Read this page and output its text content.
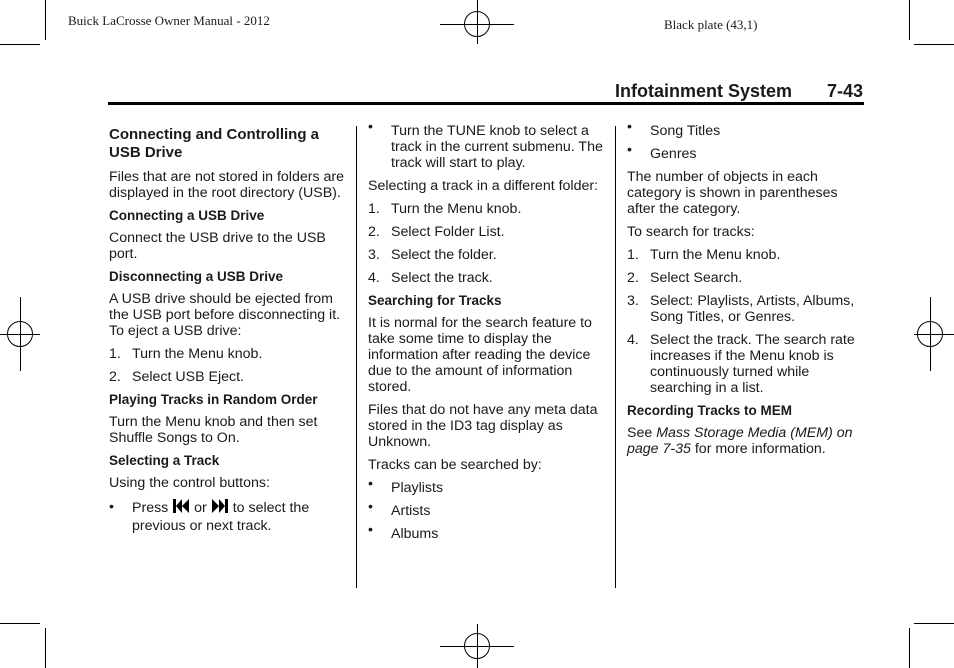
Buick LaCrosse Owner Manual - 2012	Black plate (43,1)
Infotainment System 7-43
Connecting and Controlling a USB Drive
Files that are not stored in folders are displayed in the root directory (USB).
Connecting a USB Drive
Connect the USB drive to the USB port.
Disconnecting a USB Drive
A USB drive should be ejected from the USB port before disconnecting it. To eject a USB drive:
1. Turn the Menu knob.
2. Select USB Eject.
Playing Tracks in Random Order
Turn the Menu knob and then set Shuffle Songs to On.
Selecting a Track
Using the control buttons:
• Press or to select the previous or next track.
• Turn the TUNE knob to select a track in the current submenu. The track will start to play.
Selecting a track in a different folder:
1. Turn the Menu knob.
2. Select Folder List.
3. Select the folder.
4. Select the track.
Searching for Tracks
It is normal for the search feature to take some time to display the information after reading the device due to the amount of information stored.
Files that do not have any meta data stored in the ID3 tag display as Unknown.
Tracks can be searched by:
• Playlists
• Artists
• Albums
• Song Titles
• Genres
The number of objects in each category is shown in parentheses after the category.
To search for tracks:
1. Turn the Menu knob.
2. Select Search.
3. Select: Playlists, Artists, Albums, Song Titles, or Genres.
4. Select the track. The search rate increases if the Menu knob is continuously turned while searching in a list.
Recording Tracks to MEM
See Mass Storage Media (MEM) on page 7-35 for more information.
